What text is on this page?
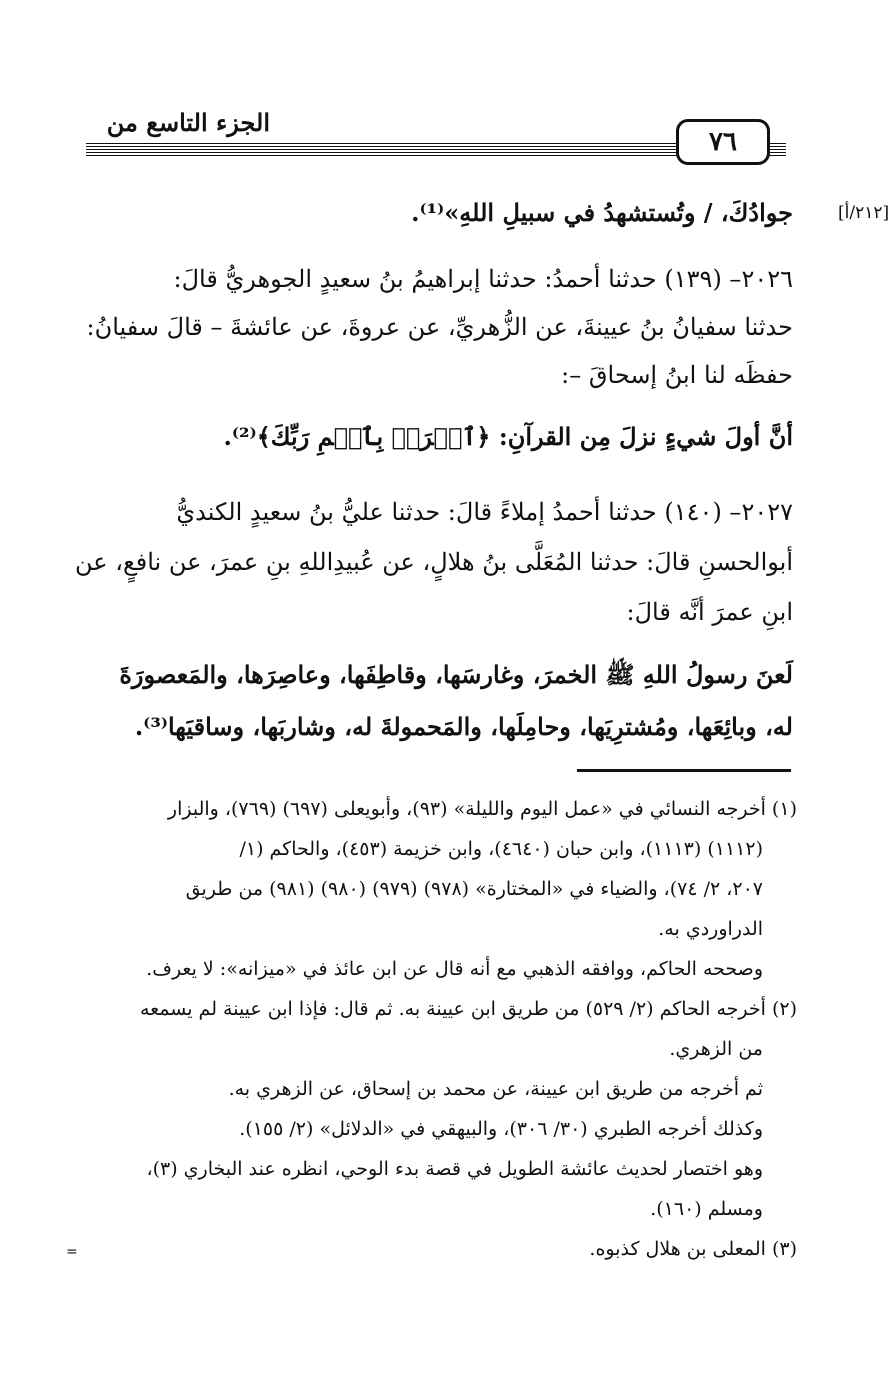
الجزء التاسع من
٧٦
[٢١٢/أ]
جوادُكَ، / وتُستشهدُ في سبيلِ اللهِ»⁽¹⁾.
٢٠٢٦– (١٣٩) حدثنا أحمدُ: حدثنا إبراهيمُ بنُ سعيدٍ الجوهريُّ قالَ:
حدثنا سفيانُ بنُ عيينةَ، عن الزُّهريِّ، عن عروةَ، عن عائشةَ – قالَ سفيانُ:
حفظَه لنا ابنُ إسحاقَ –:
أنَّ أولَ شيءٍ نزلَ مِن القرآنِ: ﴿ٱقۡرَأۡ بِٱسۡمِ رَبِّكَ﴾⁽²⁾.
٢٠٢٧– (١٤٠) حدثنا أحمدُ إملاءً قالَ: حدثنا عليُّ بنُ سعيدٍ الكنديُّ
أبوالحسنِ قالَ: حدثنا المُعَلَّى بنُ هلالٍ، عن عُبيدِاللهِ بنِ عمرَ، عن نافعٍ، عن
ابنِ عمرَ أنَّه قالَ:
لَعنَ رسولُ اللهِ ﷺ الخمرَ، وغارسَها، وقاطِفَها، وعاصِرَها، والمَعصورَةَ
له، وبائِعَها، ومُشترِيَها، وحامِلَها، والمَحمولةَ له، وشاربَها، وساقيَها⁽³⁾.
(١) أخرجه النسائي في «عمل اليوم والليلة» (٩٣)، وأبويعلى (٦٩٧) (٧٦٩)، والبزار
(١١١٢) (١١١٣)، وابن حبان (٤٦٤٠)، وابن خزيمة (٤٥٣)، والحاكم (١/
٢٠٧، ٢/ ٧٤)، والضياء في «المختارة» (٩٧٨) (٩٧٩) (٩٨٠) (٩٨١) من طريق
الدراوردي به.
وصححه الحاكم، ووافقه الذهبي مع أنه قال عن ابن عائذ في «ميزانه»: لا يعرف.
(٢) أخرجه الحاكم (٢/ ٥٢٩) من طريق ابن عيينة به. ثم قال: فإذا ابن عيينة لم يسمعه
من الزهري.
ثم أخرجه من طريق ابن عيينة، عن محمد بن إسحاق، عن الزهري به.
وكذلك أخرجه الطبري (٣٠/ ٣٠٦)، والبيهقي في «الدلائل» (٢/ ١٥٥).
وهو اختصار لحديث عائشة الطويل في قصة بدء الوحي، انظره عند البخاري (٣)،
ومسلم (١٦٠).
(٣) المعلى بن هلال كذبوه.
=
